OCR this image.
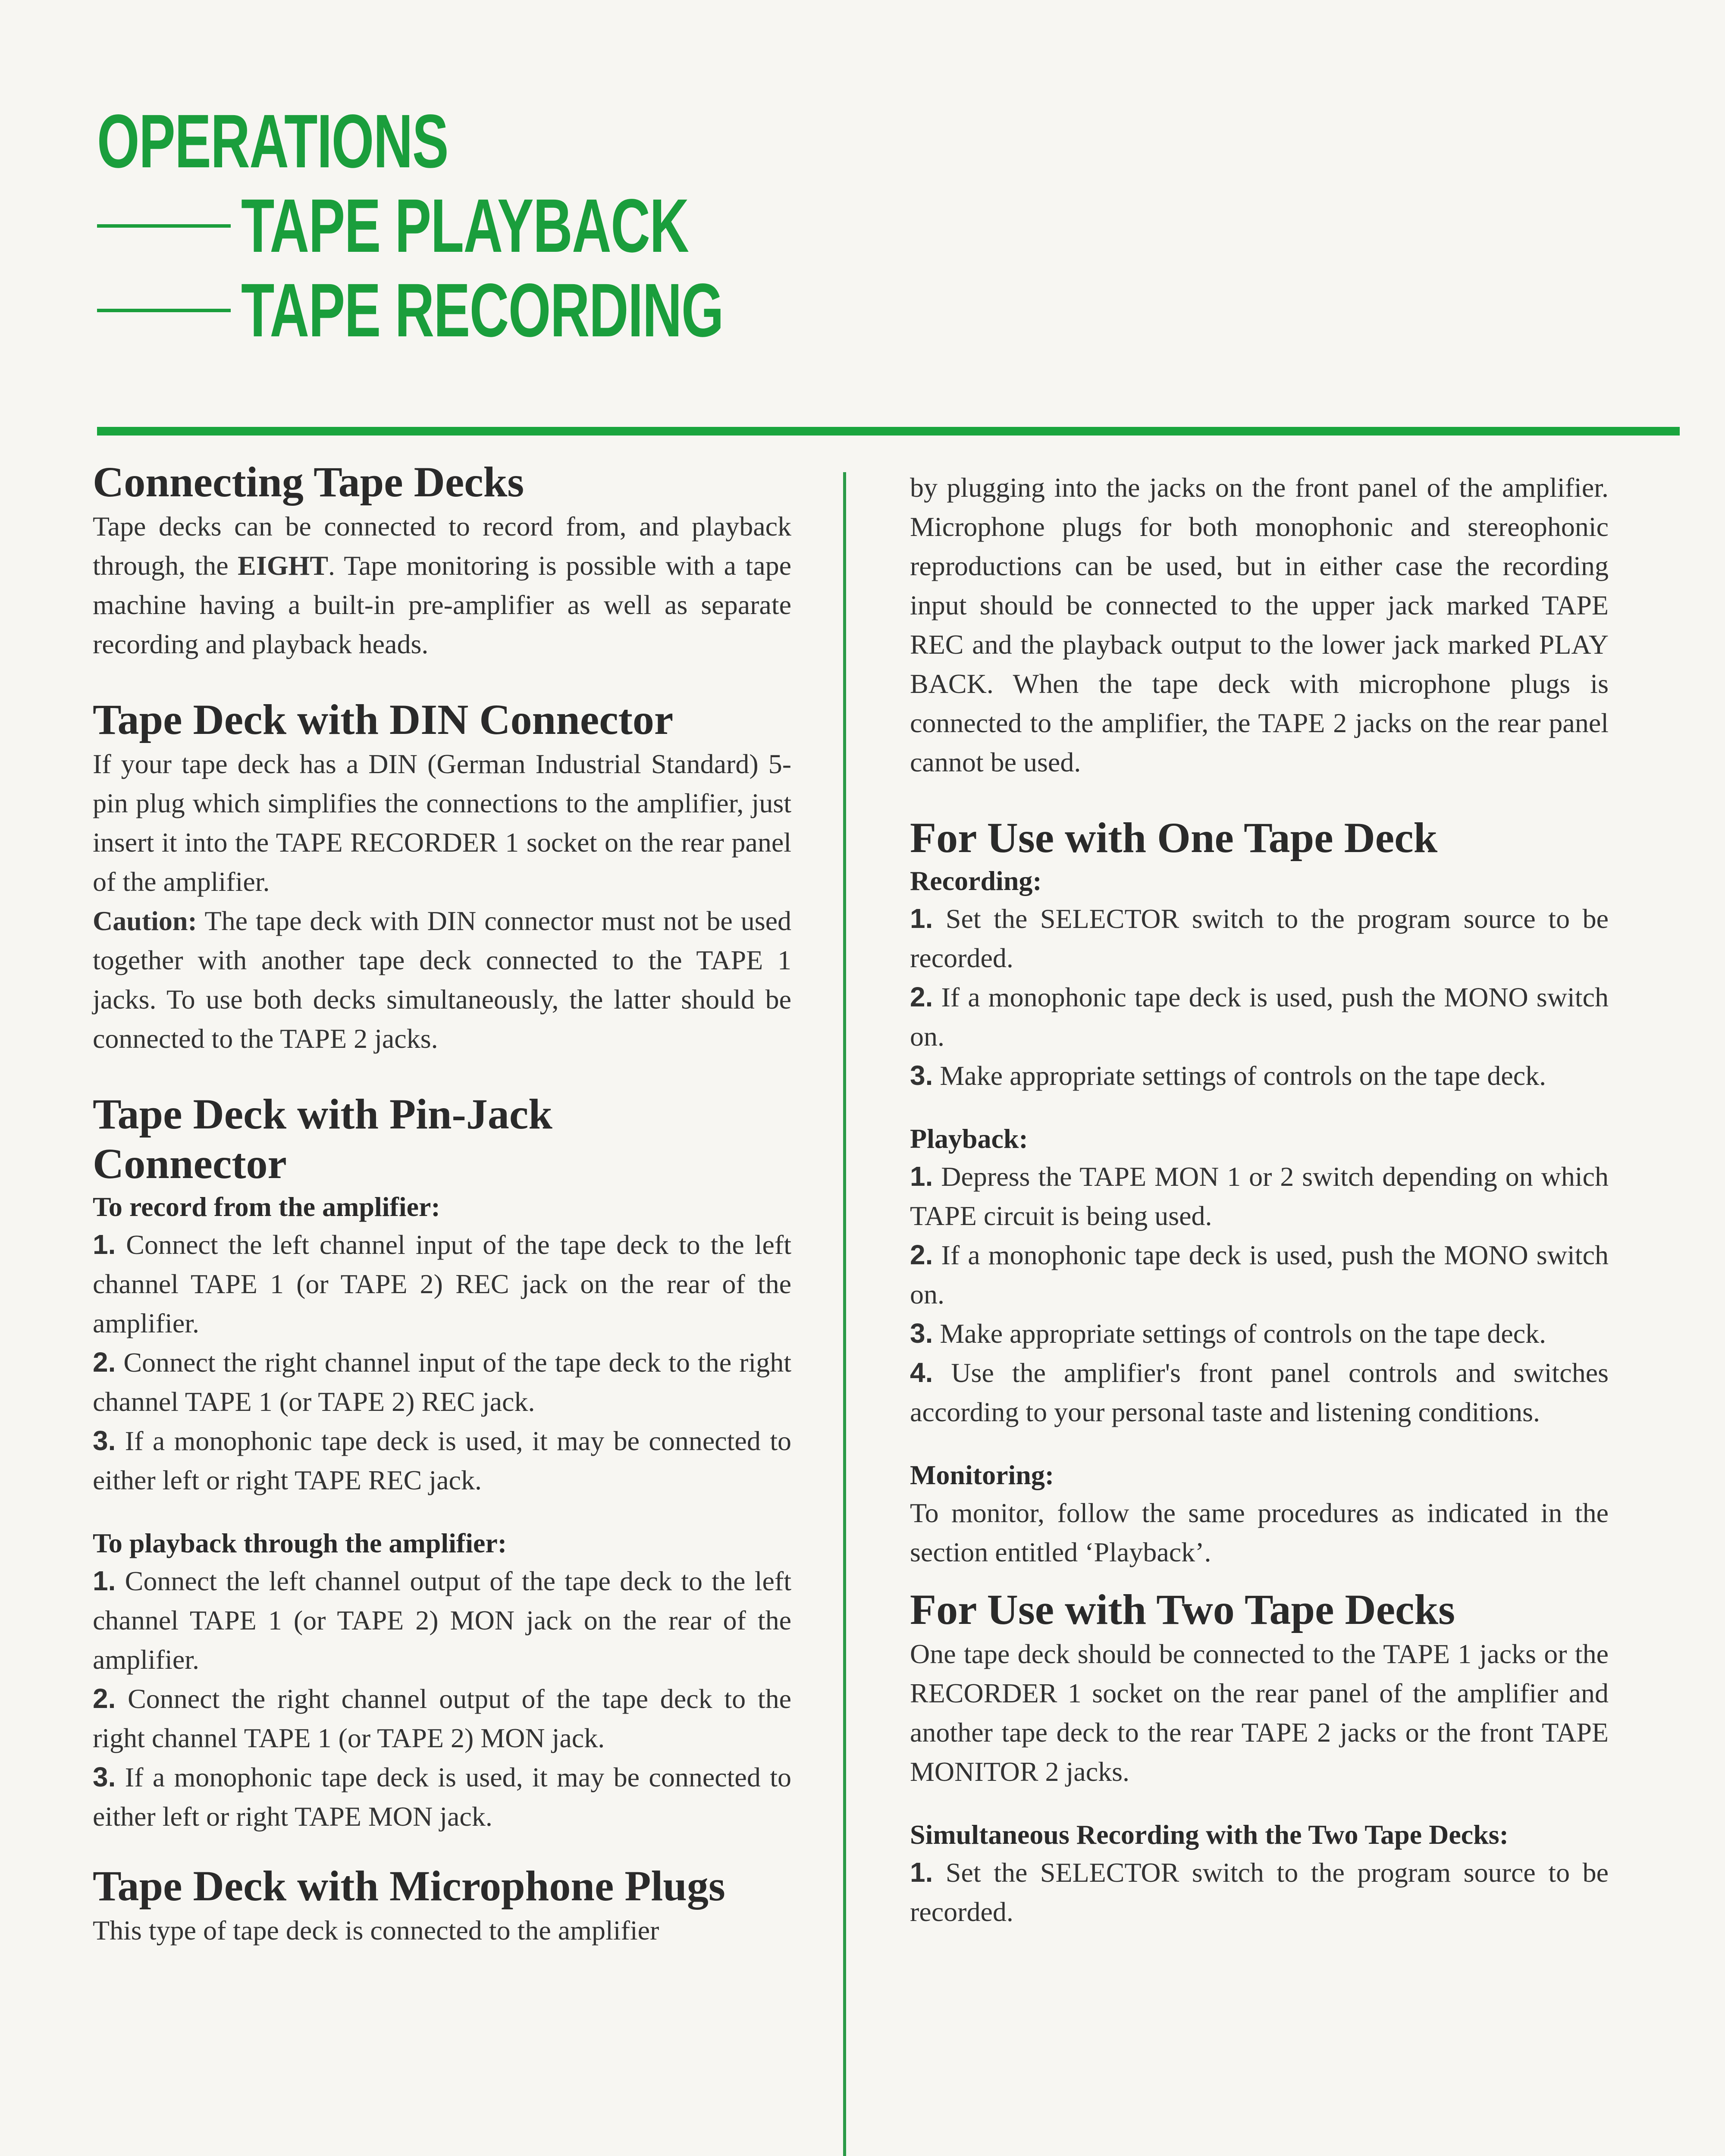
OPERATIONS
TAPE PLAYBACK
TAPE RECORDING
Connecting Tape Decks

Tape decks can be connected to record from, and playback through, the EIGHT. Tape monitoring is possible with a tape machine having a built-in pre-amplifier as well as separate recording and playback heads.

Tape Deck with DIN Connector

If your tape deck has a DIN (German Industrial Standard) 5-pin plug which simplifies the connections to the amplifier, just insert it into the TAPE RECORDER 1 socket on the rear panel of the amplifier.

Caution: The tape deck with DIN connector must not be used together with another tape deck connected to the TAPE 1 jacks. To use both decks simultaneously, the latter should be connected to the TAPE 2 jacks.

Tape Deck with Pin-Jack Connector
To record from the amplifier:

1. Connect the left channel input of the tape deck to the left channel TAPE 1 (or TAPE 2) REC jack on the rear of the amplifier.

2. Connect the right channel input of the tape deck to the right channel TAPE 1 (or TAPE 2) REC jack.

3. If a monophonic tape deck is used, it may be connected to either left or right TAPE REC jack.

To playback through the amplifier:

1. Connect the left channel output of the tape deck to the left channel TAPE 1 (or TAPE 2) MON jack on the rear of the amplifier.

2. Connect the right channel output of the tape deck to the right channel TAPE 1 (or TAPE 2) MON jack.

3. If a monophonic tape deck is used, it may be connected to either left or right TAPE MON jack.

Tape Deck with Microphone Plugs

This type of tape deck is connected to the amplifier

by plugging into the jacks on the front panel of the amplifier. Microphone plugs for both monophonic and stereophonic reproductions can be used, but in either case the recording input should be connected to the upper jack marked TAPE REC and the playback output to the lower jack marked PLAY BACK. When the tape deck with microphone plugs is connected to the amplifier, the TAPE 2 jacks on the rear panel cannot be used.

For Use with One Tape Deck
Recording:

1. Set the SELECTOR switch to the program source to be recorded.

2. If a monophonic tape deck is used, push the MONO switch on.

3. Make appropriate settings of controls on the tape deck.

Playback:

1. Depress the TAPE MON 1 or 2 switch depending on which TAPE circuit is being used.

2. If a monophonic tape deck is used, push the MONO switch on.

3. Make appropriate settings of controls on the tape deck.

4. Use the amplifier's front panel controls and switches according to your personal taste and listening conditions.

Monitoring:

To monitor, follow the same procedures as indicated in the section entitled ‘Playback’.

For Use with Two Tape Decks

One tape deck should be connected to the TAPE 1 jacks or the RECORDER 1 socket on the rear panel of the amplifier and another tape deck to the rear TAPE 2 jacks or the front TAPE MONITOR 2 jacks.

Simultaneous Recording with the Two Tape Decks:

1. Set the SELECTOR switch to the program source to be recorded.
